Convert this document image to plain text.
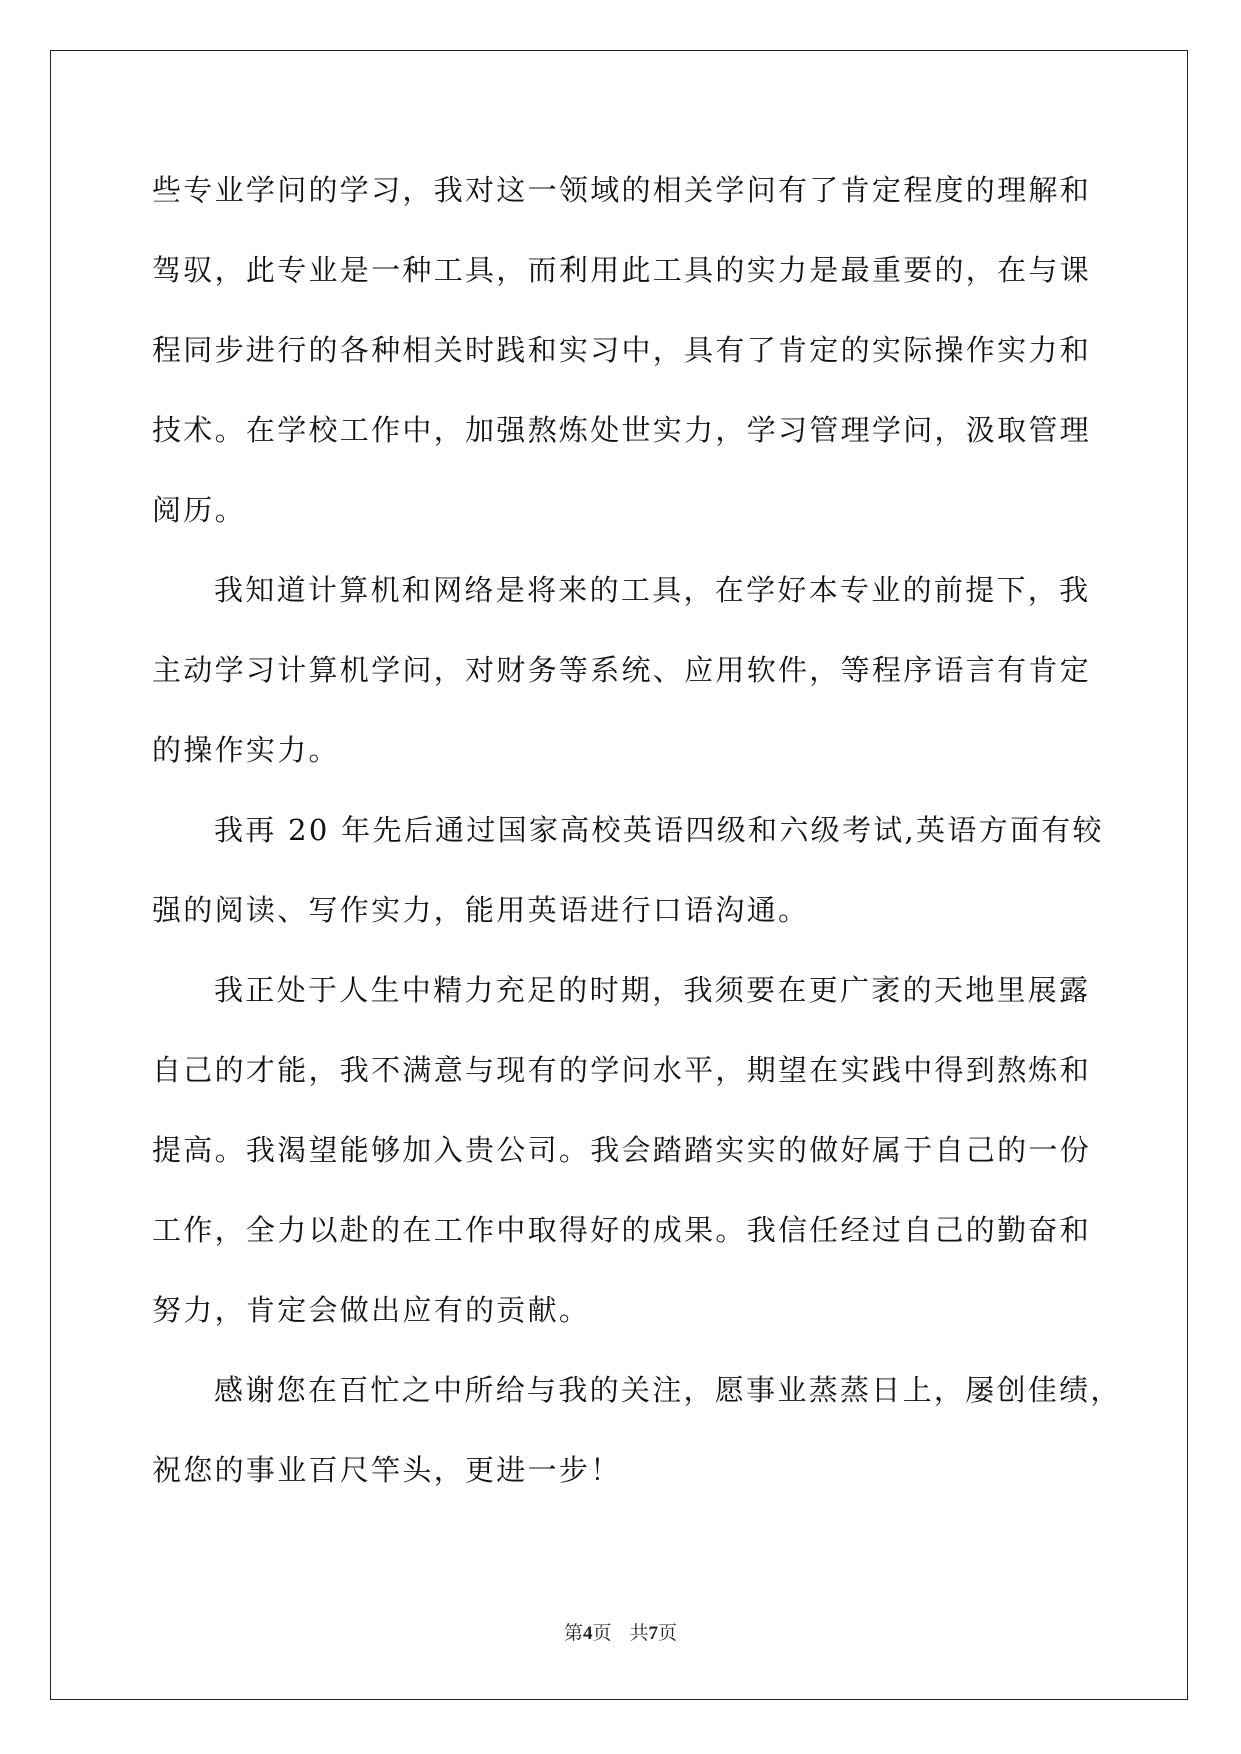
些专业学问的学习，我对这一领域的相关学问有了肯定程度的理解和
驾驭，此专业是一种工具，而利用此工具的实力是最重要的，在与课
程同步进行的各种相关时践和实习中，具有了肯定的实际操作实力和
技术。在学校工作中，加强熬炼处世实力，学习管理学问，汲取管理
阅历。
我知道计算机和网络是将来的工具，在学好本专业的前提下，我
主动学习计算机学问，对财务等系统、应用软件，等程序语言有肯定
的操作实力。
我再 20 年先后通过国家高校英语四级和六级考试,英语方面有较
强的阅读、写作实力，能用英语进行口语沟通。
我正处于人生中精力充足的时期，我须要在更广袤的天地里展露
自己的才能，我不满意与现有的学问水平，期望在实践中得到熬炼和
提高。我渴望能够加入贵公司。我会踏踏实实的做好属于自己的一份
工作，全力以赴的在工作中取得好的成果。我信任经过自己的勤奋和
努力，肯定会做出应有的贡献。
感谢您在百忙之中所给与我的关注，愿事业蒸蒸日上，屡创佳绩，
祝您的事业百尺竿头，更进一步！
第4页 共7页
